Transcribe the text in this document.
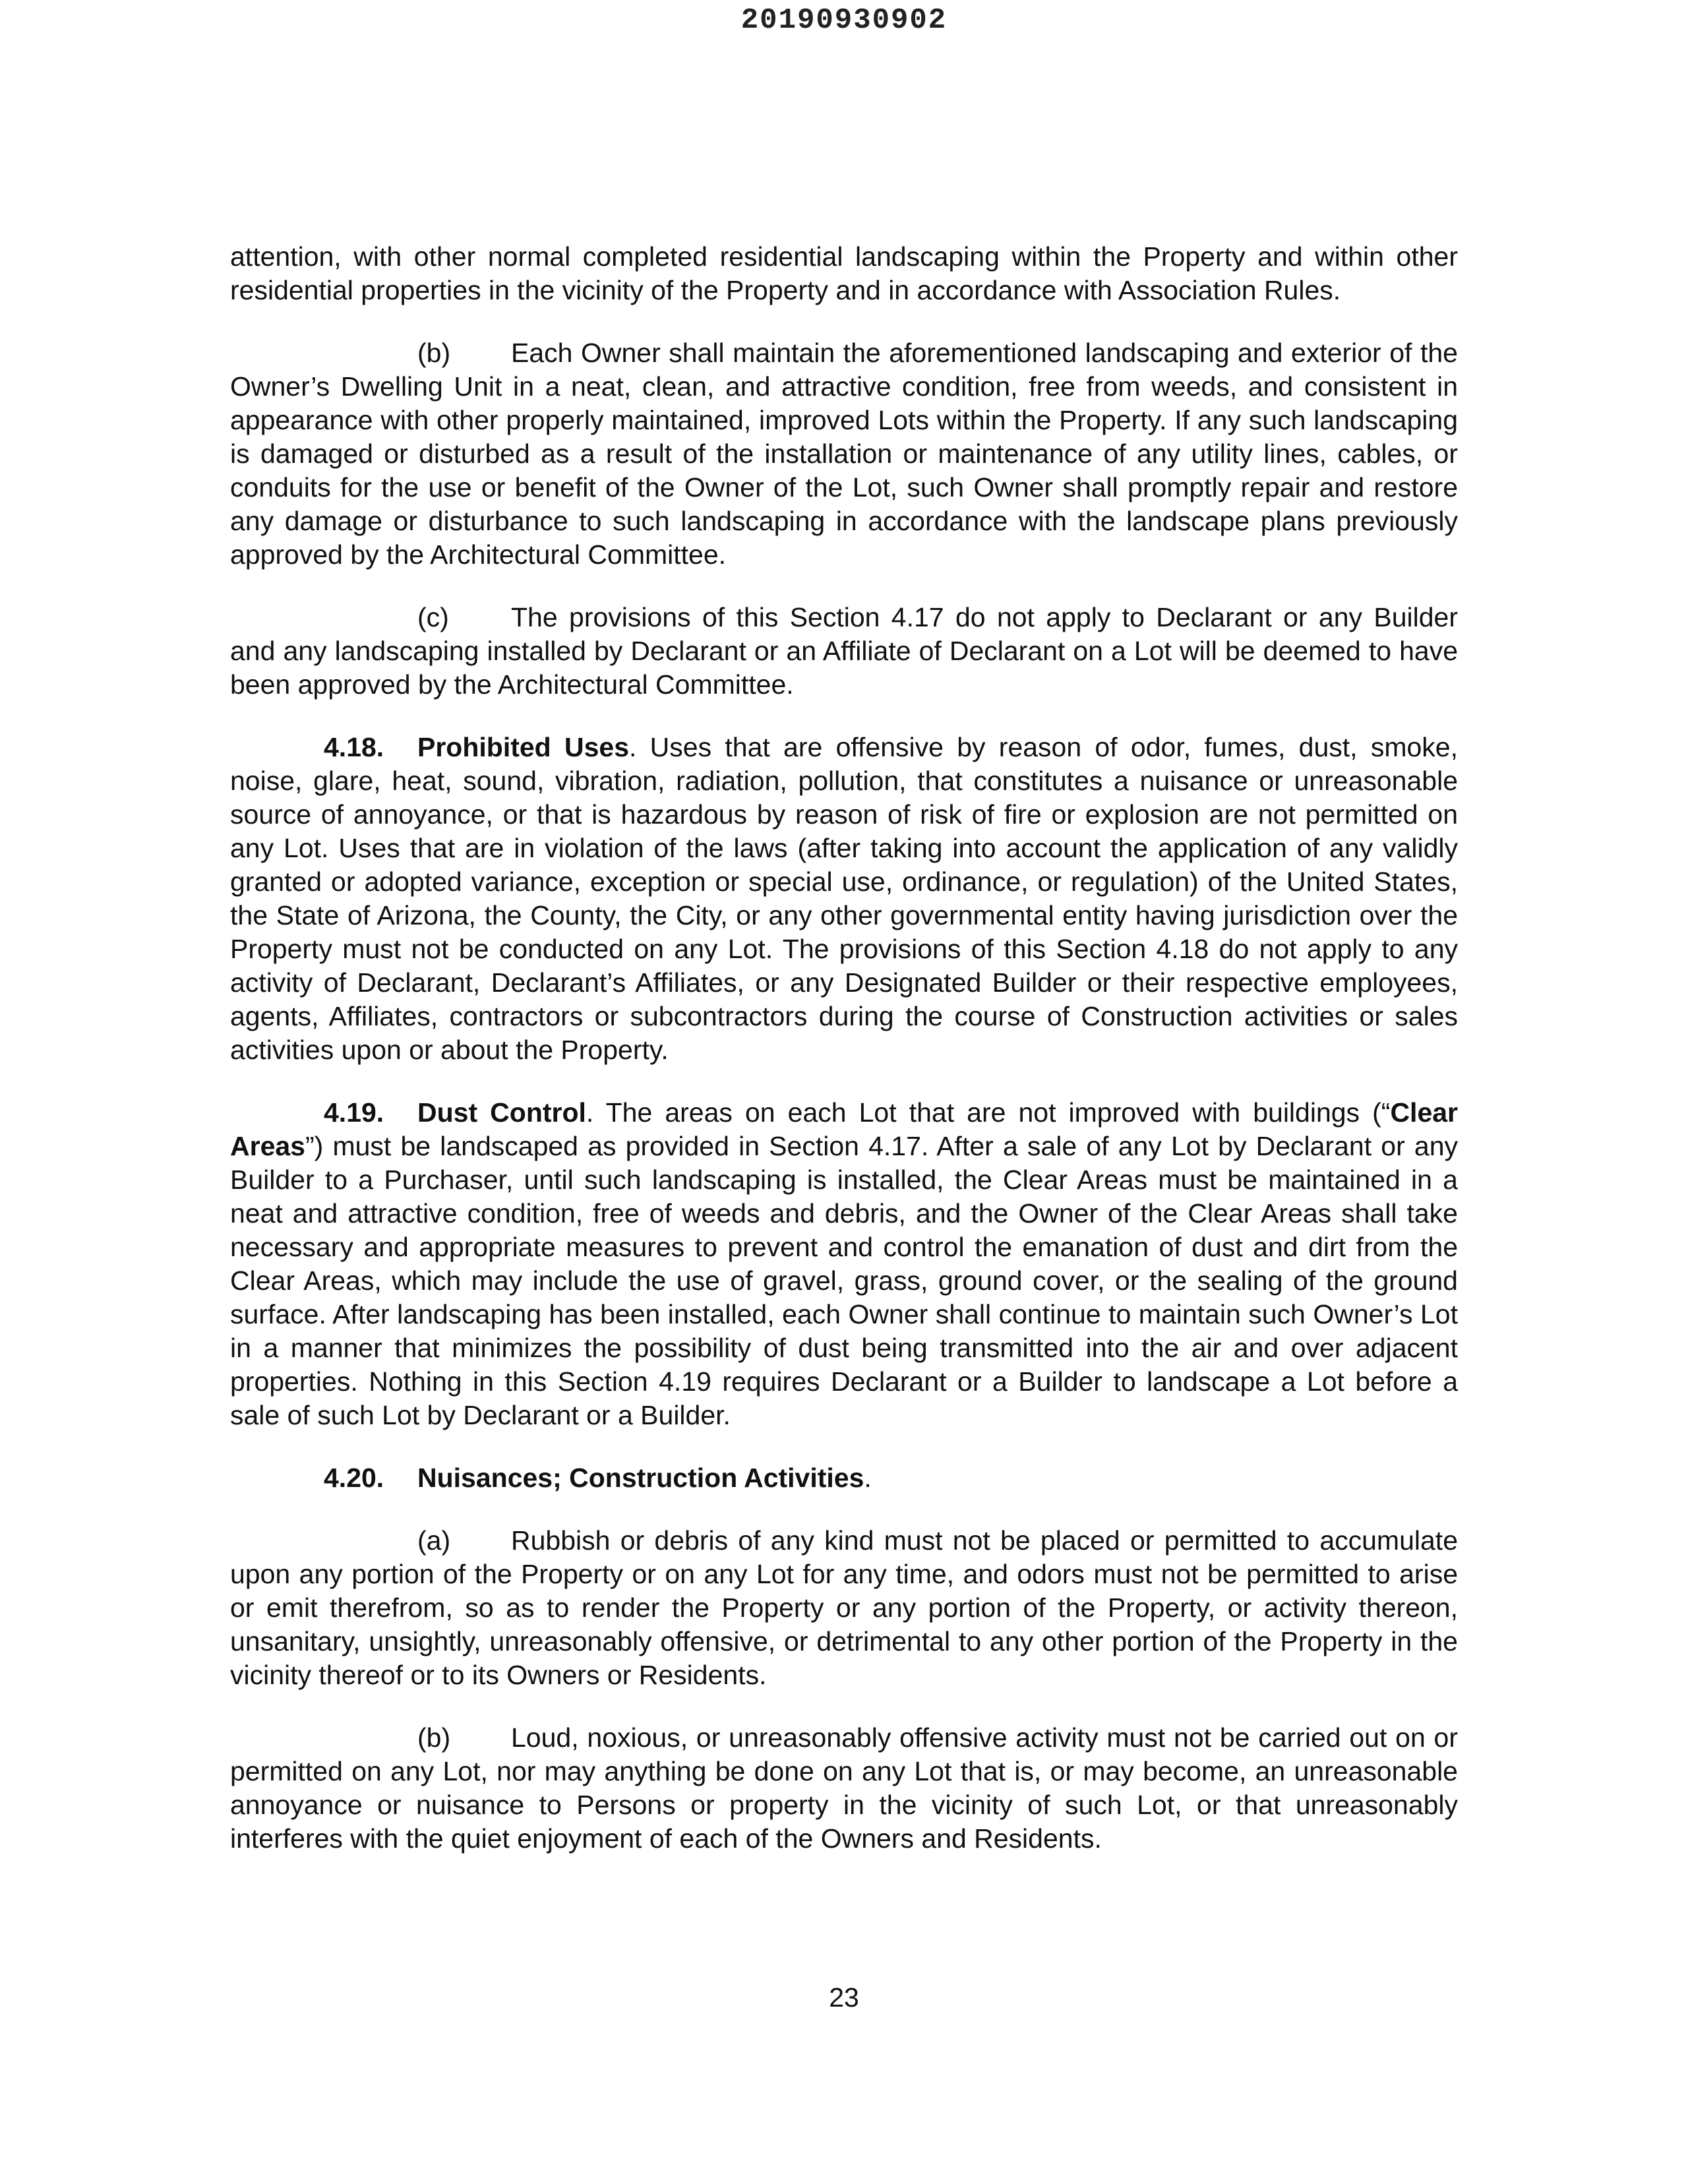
20190930902

attention, with other normal completed residential landscaping within the Property and within other residential properties in the vicinity of the Property and in accordance with Association Rules.

(b) Each Owner shall maintain the aforementioned landscaping and exterior of the Owner’s Dwelling Unit in a neat, clean, and attractive condition, free from weeds, and consistent in appearance with other properly maintained, improved Lots within the Property. If any such landscaping is damaged or disturbed as a result of the installation or maintenance of any utility lines, cables, or conduits for the use or benefit of the Owner of the Lot, such Owner shall promptly repair and restore any damage or disturbance to such landscaping in accordance with the landscape plans previously approved by the Architectural Committee.

(c) The provisions of this Section 4.17 do not apply to Declarant or any Builder and any landscaping installed by Declarant or an Affiliate of Declarant on a Lot will be deemed to have been approved by the Architectural Committee.

4.18. Prohibited Uses. Uses that are offensive by reason of odor, fumes, dust, smoke, noise, glare, heat, sound, vibration, radiation, pollution, that constitutes a nuisance or unreasonable source of annoyance, or that is hazardous by reason of risk of fire or explosion are not permitted on any Lot. Uses that are in violation of the laws (after taking into account the application of any validly granted or adopted variance, exception or special use, ordinance, or regulation) of the United States, the State of Arizona, the County, the City, or any other governmental entity having jurisdiction over the Property must not be conducted on any Lot. The provisions of this Section 4.18 do not apply to any activity of Declarant, Declarant’s Affiliates, or any Designated Builder or their respective employees, agents, Affiliates, contractors or subcontractors during the course of Construction activities or sales activities upon or about the Property.

4.19. Dust Control. The areas on each Lot that are not improved with buildings (“Clear Areas”) must be landscaped as provided in Section 4.17. After a sale of any Lot by Declarant or any Builder to a Purchaser, until such landscaping is installed, the Clear Areas must be maintained in a neat and attractive condition, free of weeds and debris, and the Owner of the Clear Areas shall take necessary and appropriate measures to prevent and control the emanation of dust and dirt from the Clear Areas, which may include the use of gravel, grass, ground cover, or the sealing of the ground surface. After landscaping has been installed, each Owner shall continue to maintain such Owner’s Lot in a manner that minimizes the possibility of dust being transmitted into the air and over adjacent properties. Nothing in this Section 4.19 requires Declarant or a Builder to landscape a Lot before a sale of such Lot by Declarant or a Builder.

4.20. Nuisances; Construction Activities.

(a) Rubbish or debris of any kind must not be placed or permitted to accumulate upon any portion of the Property or on any Lot for any time, and odors must not be permitted to arise or emit therefrom, so as to render the Property or any portion of the Property, or activity thereon, unsanitary, unsightly, unreasonably offensive, or detrimental to any other portion of the Property in the vicinity thereof or to its Owners or Residents.

(b) Loud, noxious, or unreasonably offensive activity must not be carried out on or permitted on any Lot, nor may anything be done on any Lot that is, or may become, an unreasonable annoyance or nuisance to Persons or property in the vicinity of such Lot, or that unreasonably interferes with the quiet enjoyment of each of the Owners and Residents.

23
